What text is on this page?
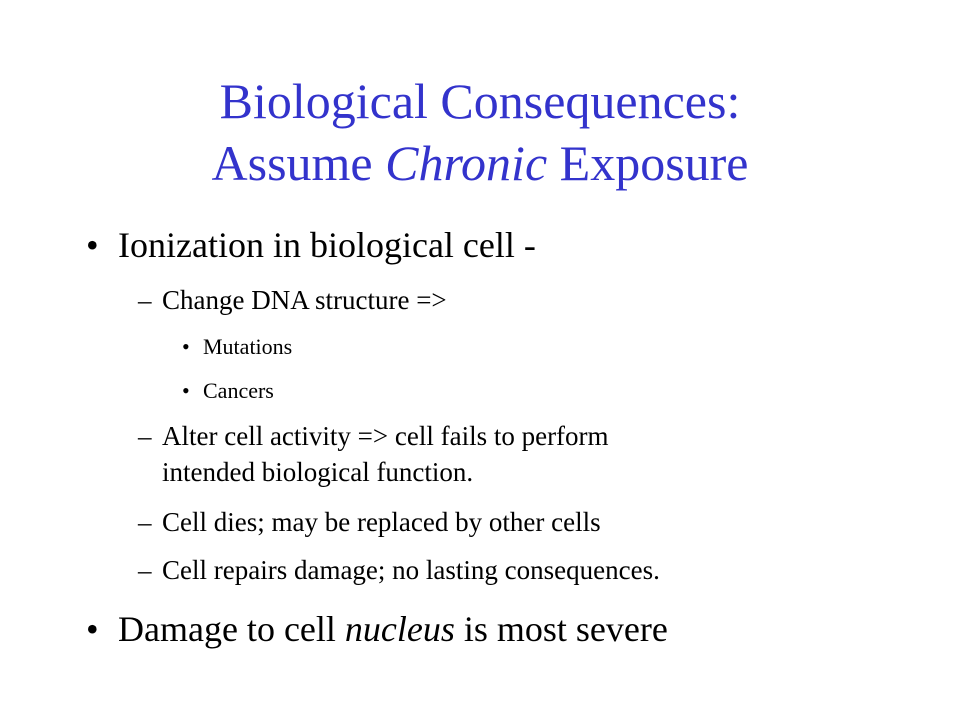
Biological Consequences:
Assume Chronic Exposure
• Ionization in biological cell -
– Change DNA structure =>
• Mutations
• Cancers
– Alter cell activity => cell fails to perform
intended biological function.
– Cell dies; may be replaced by other cells
– Cell repairs damage; no lasting consequences.
• Damage to cell nucleus is most severe
